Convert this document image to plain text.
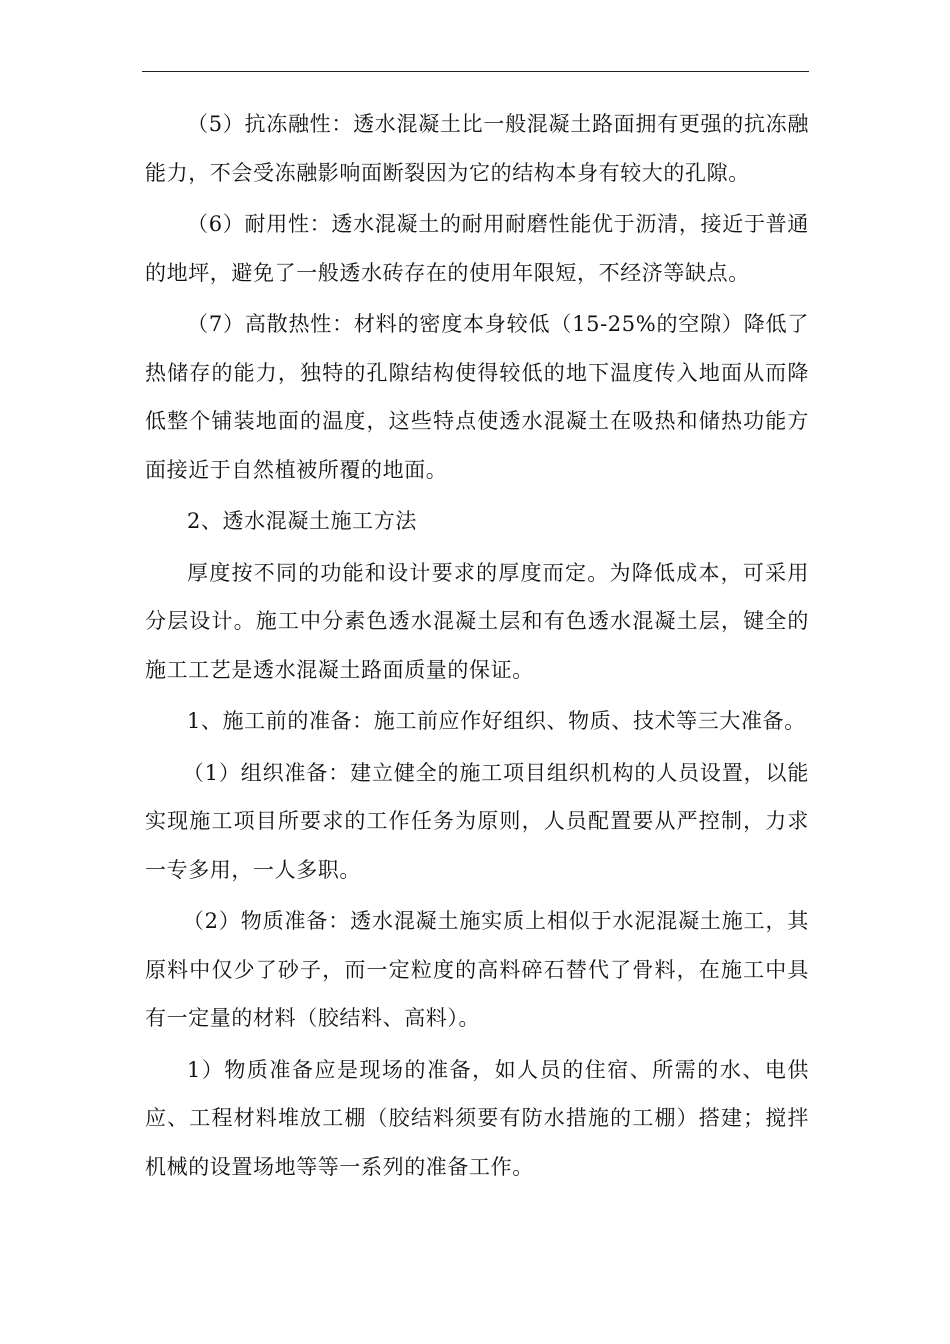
（5）抗冻融性：透水混凝土比一般混凝土路面拥有更强的抗冻融能力，不会受冻融影响面断裂因为它的结构本身有较大的孔隙。

（6）耐用性：透水混凝土的耐用耐磨性能优于沥清，接近于普通的地坪，避免了一般透水砖存在的使用年限短，不经济等缺点。

（7）高散热性：材料的密度本身较低（15-25%的空隙）降低了热储存的能力，独特的孔隙结构使得较低的地下温度传入地面从而降低整个铺装地面的温度，这些特点使透水混凝土在吸热和储热功能方面接近于自然植被所覆的地面。

2、透水混凝土施工方法

厚度按不同的功能和设计要求的厚度而定。为降低成本，可采用分层设计。施工中分素色透水混凝土层和有色透水混凝土层，键全的施工工艺是透水混凝土路面质量的保证。

1、施工前的准备：施工前应作好组织、物质、技术等三大准备。

（1）组织准备：建立健全的施工项目组织机构的人员设置，以能实现施工项目所要求的工作任务为原则，人员配置要从严控制，力求一专多用，一人多职。

（2）物质准备：透水混凝土施实质上相似于水泥混凝土施工，其原料中仅少了砂子，而一定粒度的高料碎石替代了骨料，在施工中具有一定量的材料（胶结料、高料）。

1）物质准备应是现场的准备，如人员的住宿、所需的水、电供应、工程材料堆放工棚（胶结料须要有防水措施的工棚）搭建；搅拌机械的设置场地等等一系列的准备工作。
